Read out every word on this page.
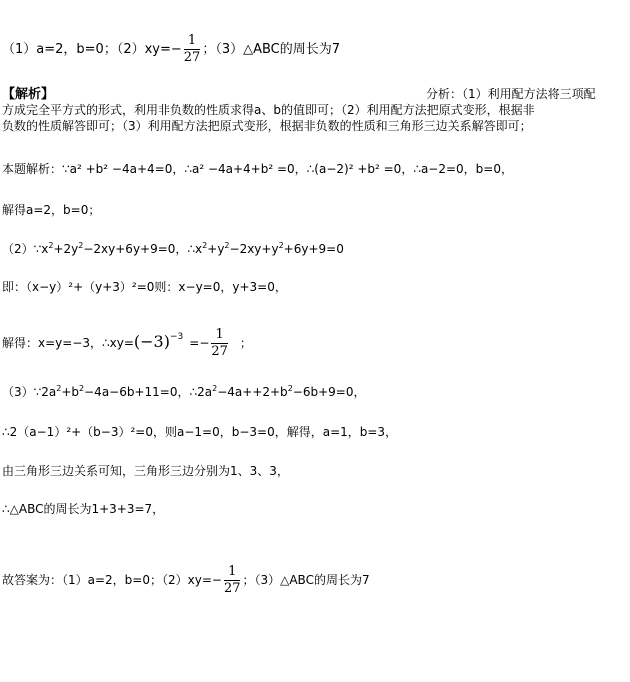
（1）a=2，b=0；$(2)xy=- \frac{1}{27}$ ；（3）△ABC的周长为7
【解析】	分析：（1）利用配方法将三项配
方成完全平方式的形式，利用非负数的性质求得a、b的值即可；（2）利用配方法把原式变形，根据非
负数的性质解答即可；（3）利用配方法把原式变形，根据非负数的性质和三角形三边关系解答即可；
本题解析：∵a² +b² −4a+4=0，∴a² −4a+4+b² =0，∴(a−2)² +b² =0，∴a−2=0，b=0，
解得a=2，b=0；
$(2)\because x^2+2y^2-2xy+6y+9=0$，$\therefore x^2+y^2-2xy+y^2+6y+9=0$
即：（x−y）²+（y+3）²=0则：x−y=0，y+3=0，
解得：x=y=−3，$\therefore xy=(-3)^{-3} =- \frac{1}{27}$ ；
$(3)\because 2a^2+b^2-4a-6b+11=0$，$\therefore 2a^2-4a++2+b^2-6b+9=0$，
∴2（a−1）²+（b−3）²=0，则a−1=0，b−3=0，解得，a=1，b=3，
由三角形三边关系可知，三角形三边分别为1、3、3，
∴△ABC的周长为1+3+3=7，
故答案为：（1）a=2，b=0；$(2)xy=- \frac{1}{27}$ ；（3）△ABC的周长为7
